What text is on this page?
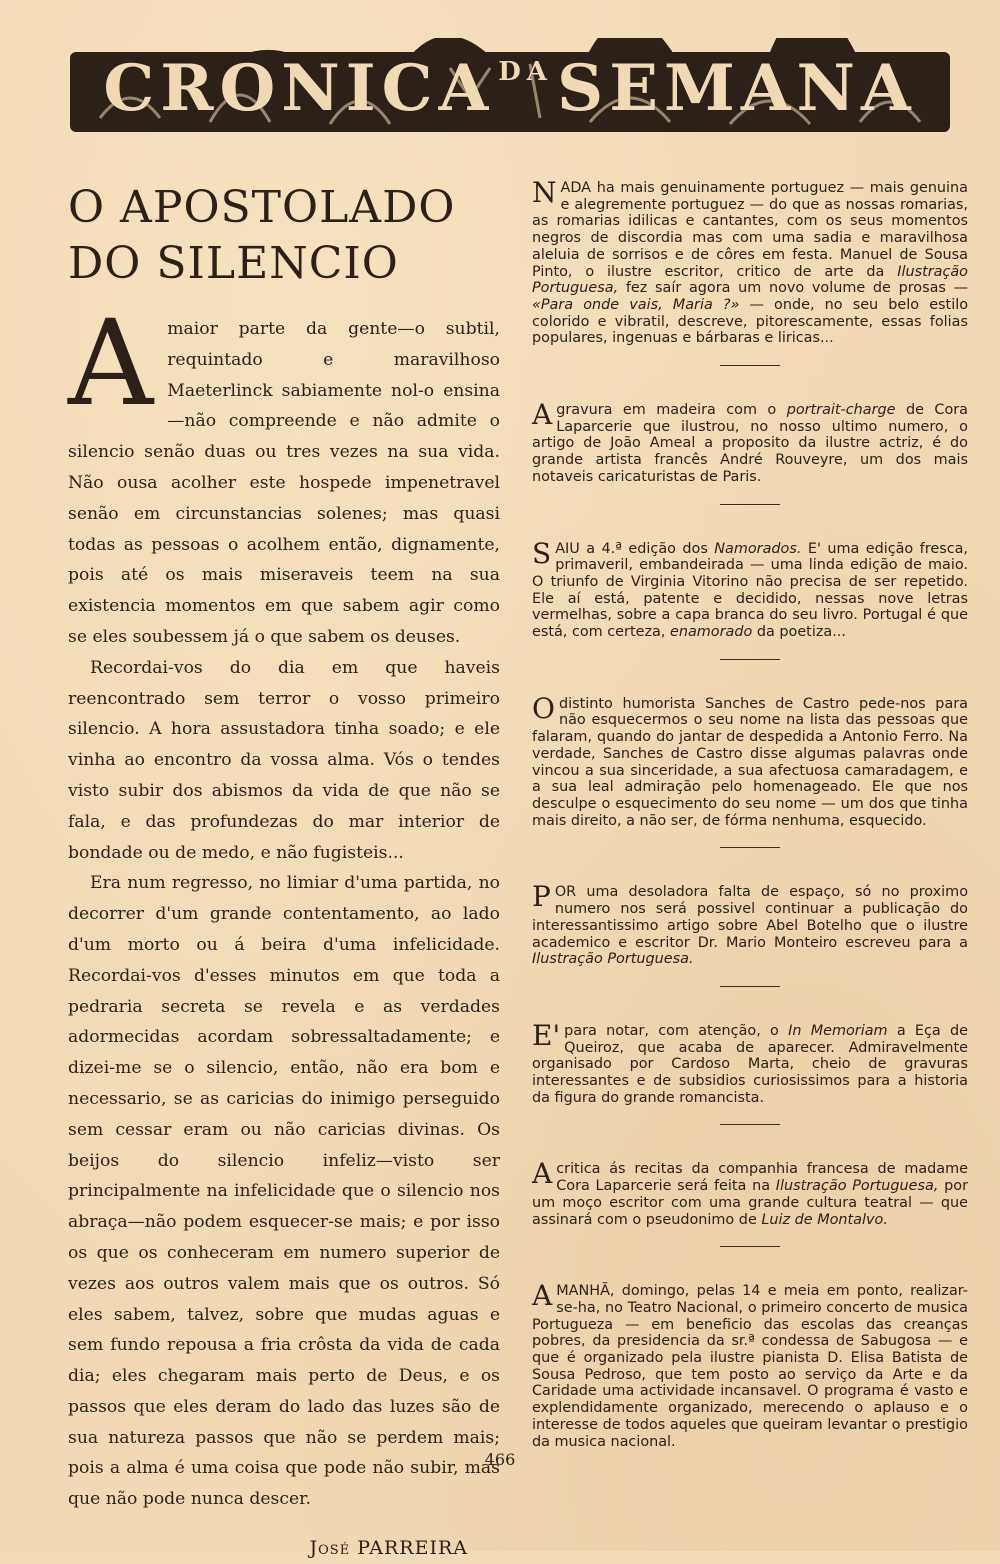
CRONICA DA SEMANA
O APOSTOLADO
DO SILENCIO

A maior parte da gente—o subtil, requintado e maravilhoso Maeterlinck sabiamente nol-o ensina—não compreende e não admite o silencio senão duas ou tres vezes na sua vida. Não ousa acolher este hospede impenetravel senão em circunstancias solenes; mas quasi todas as pessoas o acolhem então, dignamente, pois até os mais miseraveis teem na sua existencia momentos em que sabem agir como se eles soubessem já o que sabem os deuses.

Recordai-vos do dia em que haveis reencontrado sem terror o vosso primeiro silencio. A hora assustadora tinha soado; e ele vinha ao encontro da vossa alma. Vós o tendes visto subir dos abismos da vida de que não se fala, e das profundezas do mar interior de bondade ou de medo, e não fugisteis...

Era num regresso, no limiar d'uma partida, no decorrer d'um grande contentamento, ao lado d'um morto ou á beira d'uma infelicidade. Recordai-vos d'esses minutos em que toda a pedraria secreta se revela e as verdades adormecidas acordam sobressaltadamente; e dizei-me se o silencio, então, não era bom e necessario, se as caricias do inimigo perseguido sem cessar eram ou não caricias divinas. Os beijos do silencio infeliz—visto ser principalmente na infelicidade que o silencio nos abraça—não podem esquecer-se mais; e por isso os que os conheceram em numero superior de vezes aos outros valem mais que os outros. Só eles sabem, talvez, sobre que mudas aguas e sem fundo repousa a fria crôsta da vida de cada dia; eles chegaram mais perto de Deus, e os passos que eles deram do lado das luzes são de sua natureza passos que não se perdem mais; pois a alma é uma coisa que pode não subir, mas que não pode nunca descer.

José PARREIRA
NADA ha mais genuinamente portuguez — mais genuina e alegremente portuguez — do que as nossas romarias, as romarias idilicas e cantantes, com os seus momentos negros de discordia mas com uma sadia e maravilhosa aleluia de sorrisos e de côres em festa. Manuel de Sousa Pinto, o ilustre escritor, critico de arte da Ilustração Portuguesa, fez saír agora um novo volume de prosas — «Para onde vais, Maria ?» — onde, no seu belo estilo colorido e vibratil, descreve, pitorescamente, essas folias populares, ingenuas e bárbaras e liricas...
A gravura em madeira com o portrait-charge de Cora Laparcerie que ilustrou, no nosso ultimo numero, o artigo de João Ameal a proposito da ilustre actriz, é do grande artista francês André Rouveyre, um dos mais notaveis caricaturistas de Paris.
SAIU a 4.ª edição dos Namorados. E' uma edição fresca, primaveril, embandeirada — uma linda edição de maio. O triunfo de Virginia Vitorino não precisa de ser repetido. Ele aí está, patente e decidido, nessas nove letras vermelhas, sobre a capa branca do seu livro. Portugal é que está, com certeza, enamorado da poetiza...
O distinto humorista Sanches de Castro pede-nos para não esquecermos o seu nome na lista das pessoas que falaram, quando do jantar de despedida a Antonio Ferro. Na verdade, Sanches de Castro disse algumas palavras onde vincou a sua sinceridade, a sua afectuosa camaradagem, e a sua leal admiração pelo homenageado. Ele que nos desculpe o esquecimento do seu nome — um dos que tinha mais direito, a não ser, de fórma nenhuma, esquecido.
POR uma desoladora falta de espaço, só no proximo numero nos será possivel continuar a publicação do interessantissimo artigo sobre Abel Botelho que o ilustre academico e escritor Dr. Mario Monteiro escreveu para a Ilustração Portuguesa.
E' para notar, com atenção, o In Memoriam a Eça de Queiroz, que acaba de aparecer. Admiravelmente organisado por Cardoso Marta, cheio de gravuras interessantes e de subsidios curiosissimos para a historia da figura do grande romancista.
A critica ás recitas da companhia francesa de madame Cora Laparcerie será feita na Ilustração Portuguesa, por um moço escritor com uma grande cultura teatral — que assinará com o pseudonimo de Luiz de Montalvo.
AMANHÃ, domingo, pelas 14 e meia em ponto, realizar-se-ha, no Teatro Nacional, o primeiro concerto de musica Portugueza — em beneficio das escolas das creanças pobres, da presidencia da sr.ª condessa de Sabugosa — e que é organizado pela ilustre pianista D. Elisa Batista de Sousa Pedroso, que tem posto ao serviço da Arte e da Caridade uma actividade incansavel. O programa é vasto e explendidamente organizado, merecendo o aplauso e o interesse de todos aqueles que queiram levantar o prestigio da musica nacional.
466
